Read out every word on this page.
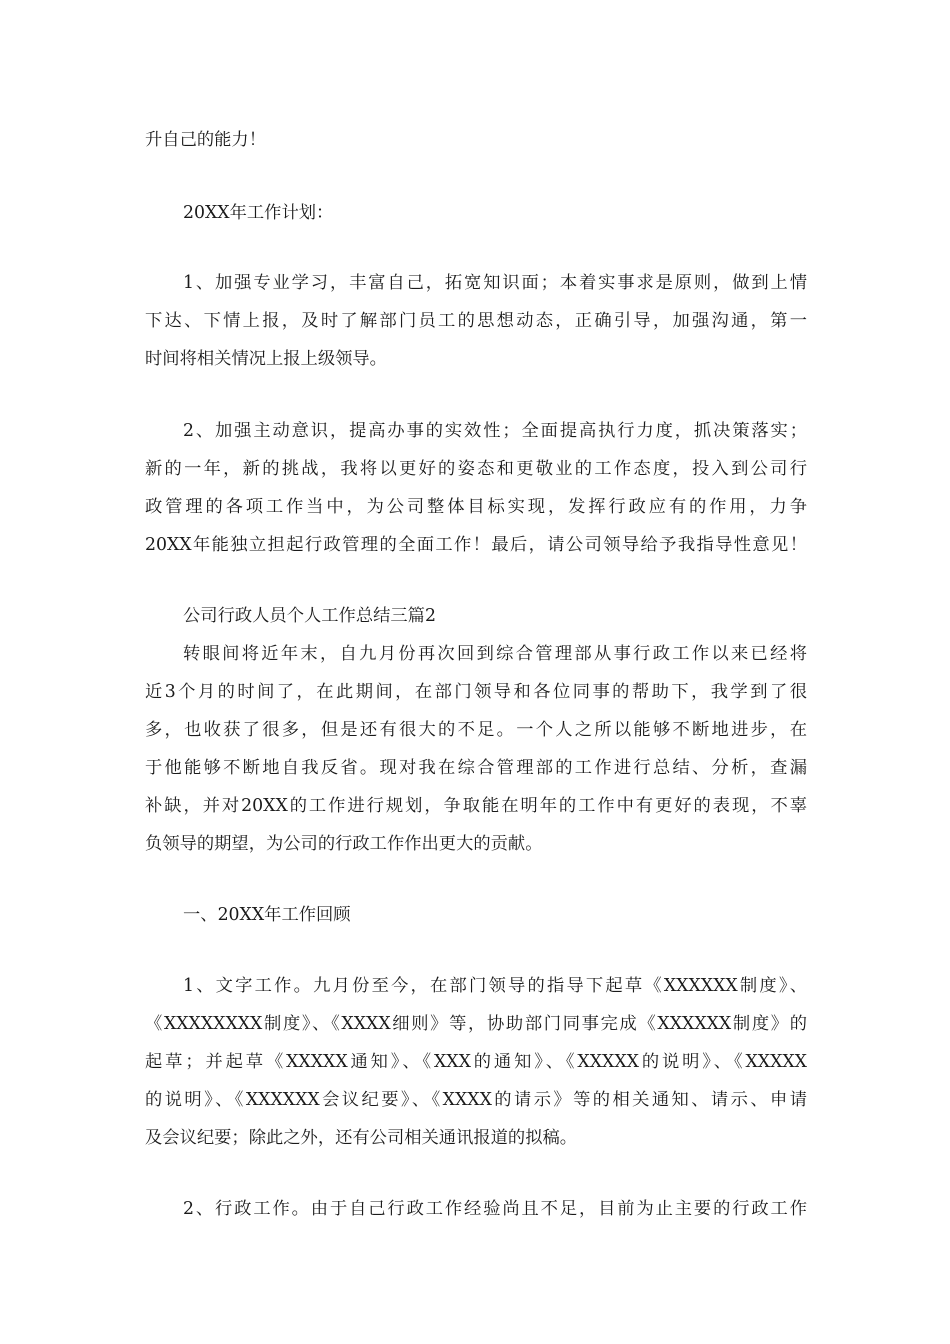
升自己的能力！
20XX年工作计划：
1、加强专业学习，丰富自己，拓宽知识面；本着实事求是原则，做到上情
下达、下情上报，及时了解部门员工的思想动态，正确引导，加强沟通，第一
时间将相关情况上报上级领导。
2、加强主动意识，提高办事的实效性；全面提高执行力度，抓决策落实；
新的一年，新的挑战，我将以更好的姿态和更敬业的工作态度，投入到公司行
政管理的各项工作当中，为公司整体目标实现，发挥行政应有的作用，力争
20XX年能独立担起行政管理的全面工作！最后，请公司领导给予我指导性意见！
公司行政人员个人工作总结三篇2
转眼间将近年末，自九月份再次回到综合管理部从事行政工作以来已经将
近3个月的时间了，在此期间，在部门领导和各位同事的帮助下，我学到了很
多，也收获了很多，但是还有很大的不足。一个人之所以能够不断地进步，在
于他能够不断地自我反省。现对我在综合管理部的工作进行总结、分析，查漏
补缺，并对20XX的工作进行规划，争取能在明年的工作中有更好的表现，不辜
负领导的期望，为公司的行政工作作出更大的贡献。
一、20XX年工作回顾
1、文字工作。九月份至今，在部门领导的指导下起草《XXXXXX制度》、
《XXXXXXXX制度》、《XXXX细则》等，协助部门同事完成《XXXXXX制度》的
起草；并起草《XXXXX通知》、《XXX的通知》、《XXXXX的说明》、《XXXXX
的说明》、《XXXXXX会议纪要》、《XXXX的请示》等的相关通知、请示、申请
及会议纪要；除此之外，还有公司相关通讯报道的拟稿。
2、行政工作。由于自己行政工作经验尚且不足，目前为止主要的行政工作
